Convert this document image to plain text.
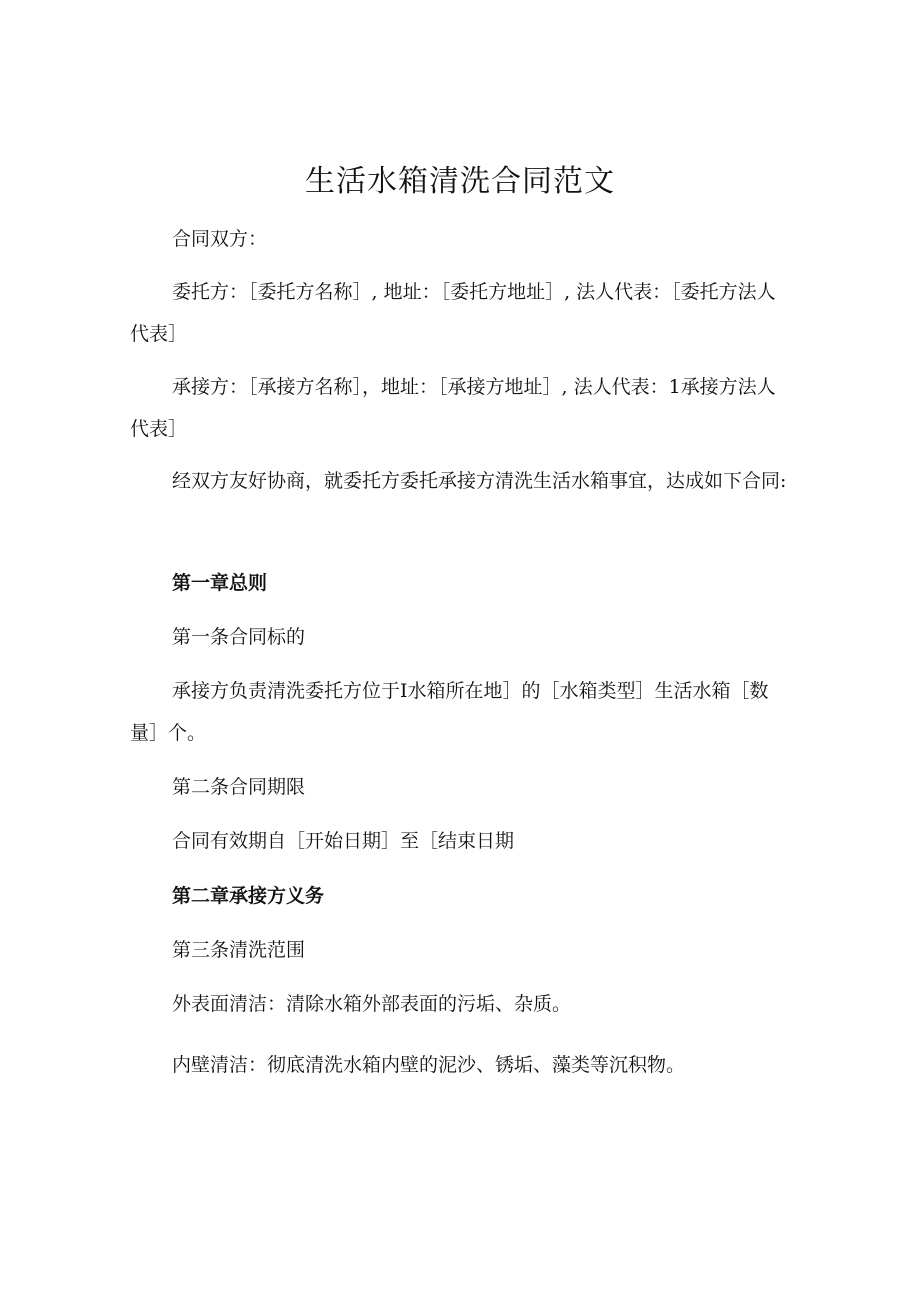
生活水箱清洗合同范文

合同双方：

委托方：［委托方名称］, 地址：［委托方地址］, 法人代表：［委托方法人代表］

承接方：［承接方名称］，地址：［承接方地址］, 法人代表：1承接方法人代表］

经双方友好协商，就委托方委托承接方清洗生活水箱事宜，达成如下合同:

第一章总则

第一条合同标的

承接方负责清洗委托方位于I水箱所在地］的［水箱类型］生活水箱［数量］个。

第二条合同期限

合同有效期自［开始日期］至［结束日期

第二章承接方义务

第三条清洗范围

外表面清洁：清除水箱外部表面的污垢、杂质。

内壁清洁：彻底清洗水箱内壁的泥沙、锈垢、藻类等沉积物。
